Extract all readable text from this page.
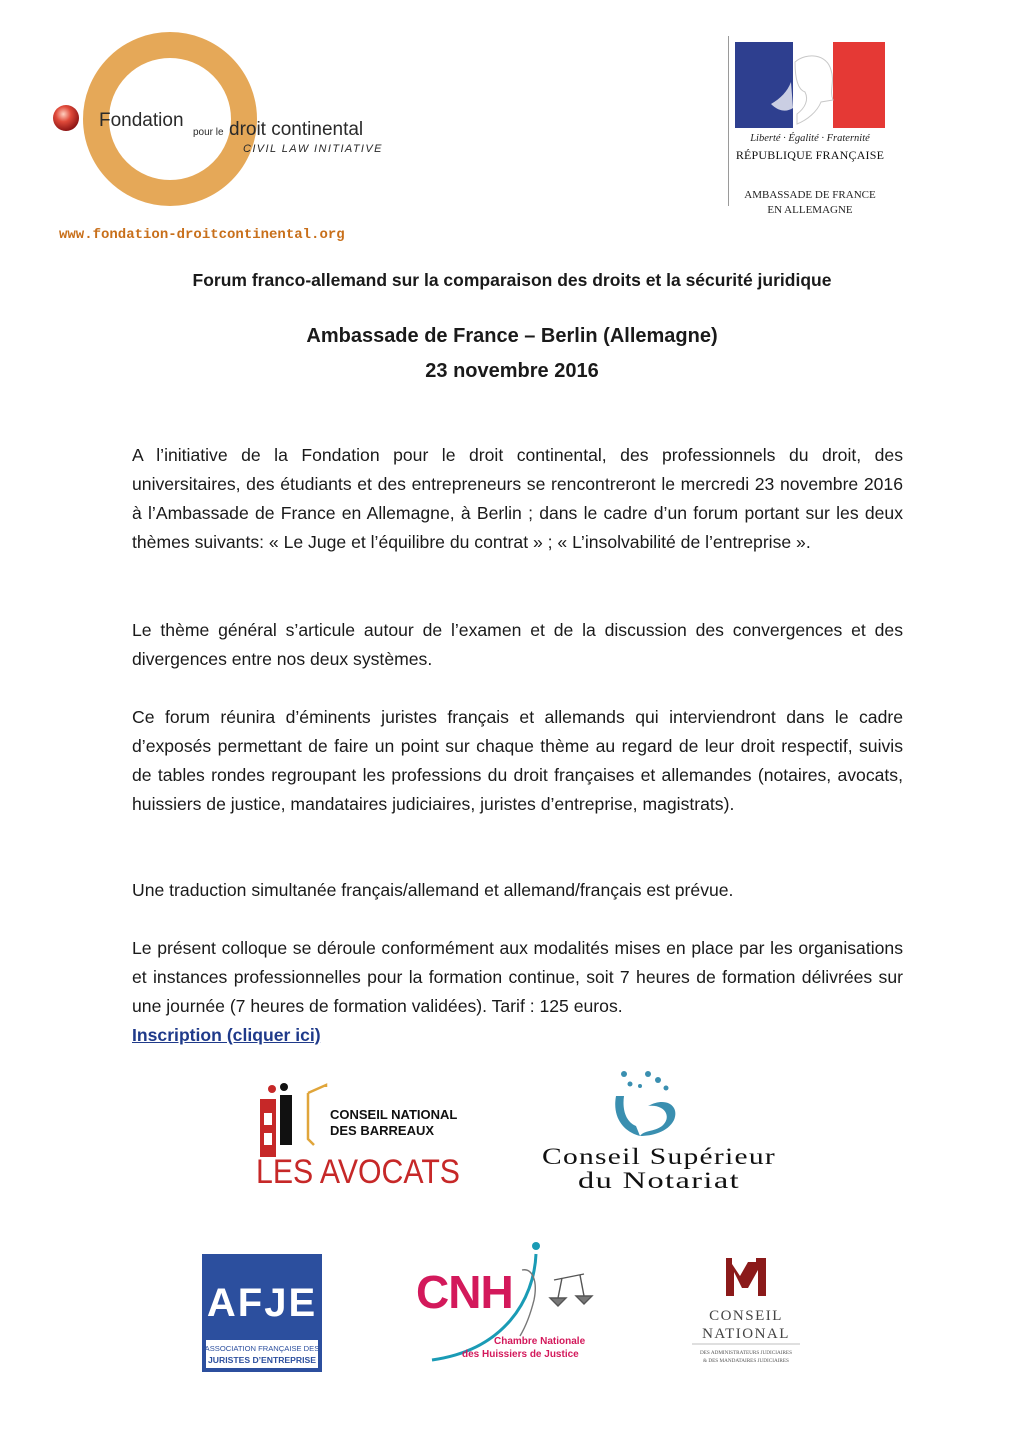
Fondation
pour le droit continental
CIVIL LAW INITIATIVE

www.fondation-droitcontinental.org

Liberté · Égalité · Fraternité
RÉPUBLIQUE FRANÇAISE
AMBASSADE DE FRANCE
EN ALLEMAGNE
Forum franco-allemand sur la comparaison des droits et la sécurité juridique
Ambassade de France – Berlin (Allemagne)
23 novembre 2016

A l’initiative de la Fondation pour le droit continental, des professionnels du droit, des universitaires, des étudiants et des entrepreneurs se rencontreront le mercredi 23 novembre 2016 à l’Ambassade de France en Allemagne, à Berlin ; dans le cadre d’un forum portant sur les deux thèmes suivants: « Le Juge et l’équilibre du contrat » ; « L’insolvabilité de l’entreprise ».

Le thème général s’articule autour de l’examen et de la discussion des convergences et des divergences entre nos deux systèmes.

Ce forum réunira d’éminents juristes français et allemands qui interviendront dans le cadre d’exposés permettant de faire un point sur chaque thème au regard de leur droit respectif, suivis de tables rondes regroupant les professions du droit françaises et allemandes (notaires, avocats, huissiers de justice, mandataires judiciaires, juristes d’entreprise, magistrats).

Une traduction simultanée français/allemand et allemand/français est prévue.

Le présent colloque se déroule conformément aux modalités mises en place par les organisations et instances professionnelles pour la formation continue, soit 7 heures de formation délivrées sur une journée (7 heures de formation validées). Tarif : 125 euros.

Inscription (cliquer ici)
CONSEIL NATIONAL
DES BARREAUX
LES AVOCATS	Conseil Supérieur
du Notariat
AFJE
ASSOCIATION FRANÇAISE DES
JURISTES D’ENTREPRISE
CNH
Chambre Nationale
des Huissiers de Justice
CONSEIL
NATIONAL
DES ADMINISTRATEURS JUDICIAIRES
& DES MANDATAIRES JUDICIAIRES
